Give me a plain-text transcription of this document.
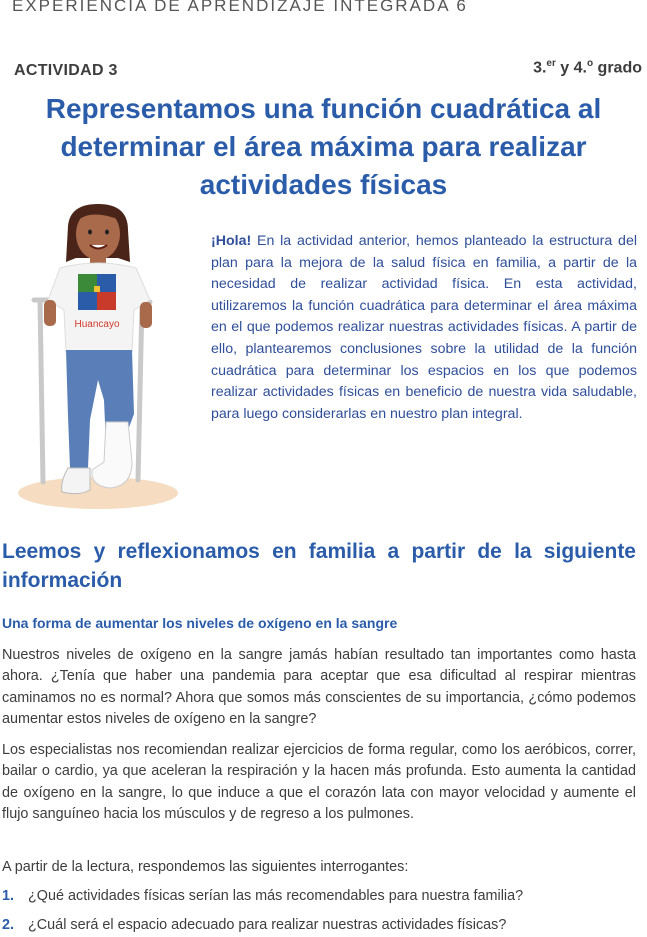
EXPERIENCIA DE APRENDIZAJE INTEGRADA 6
ACTIVIDAD 3	3.$^{er}$ y 4.$^o$ grado
Representamos una función cuadrática al
determinar el área máxima para realizar
actividades físicas
Huancayo

¡Hola! En la actividad anterior, hemos planteado la estructura del plan para la mejora de la salud física en familia, a partir de la necesidad de realizar actividad física. En esta actividad, utilizaremos la función cuadrática para determinar el área máxima en el que podemos realizar nuestras actividades físicas. A partir de ello, plantearemos conclusiones sobre la utilidad de la función cuadrática para determinar los espacios en los que podemos realizar actividades físicas en beneficio de nuestra vida saludable, para luego considerarlas en nuestro plan integral.

Leemos y reflexionamos en familia a partir de la siguiente información
Una forma de aumentar los niveles de oxígeno en la sangre

Nuestros niveles de oxígeno en la sangre jamás habían resultado tan importantes como hasta ahora. ¿Tenía que haber una pandemia para aceptar que esa dificultad al respirar mientras caminamos no es normal? Ahora que somos más conscientes de su importancia, ¿cómo podemos aumentar estos niveles de oxígeno en la sangre?

Los especialistas nos recomiendan realizar ejercicios de forma regular, como los aeróbicos, correr, bailar o cardio, ya que aceleran la respiración y la hacen más profunda. Esto aumenta la cantidad de oxígeno en la sangre, lo que induce a que el corazón lata con mayor velocidad y aumente el flujo sanguíneo hacia los músculos y de regreso a los pulmones.

A partir de la lectura, respondemos las siguientes interrogantes:

1. ¿Qué actividades físicas serían las más recomendables para nuestra familia?
2. ¿Cuál será el espacio adecuado para realizar nuestras actividades físicas?
